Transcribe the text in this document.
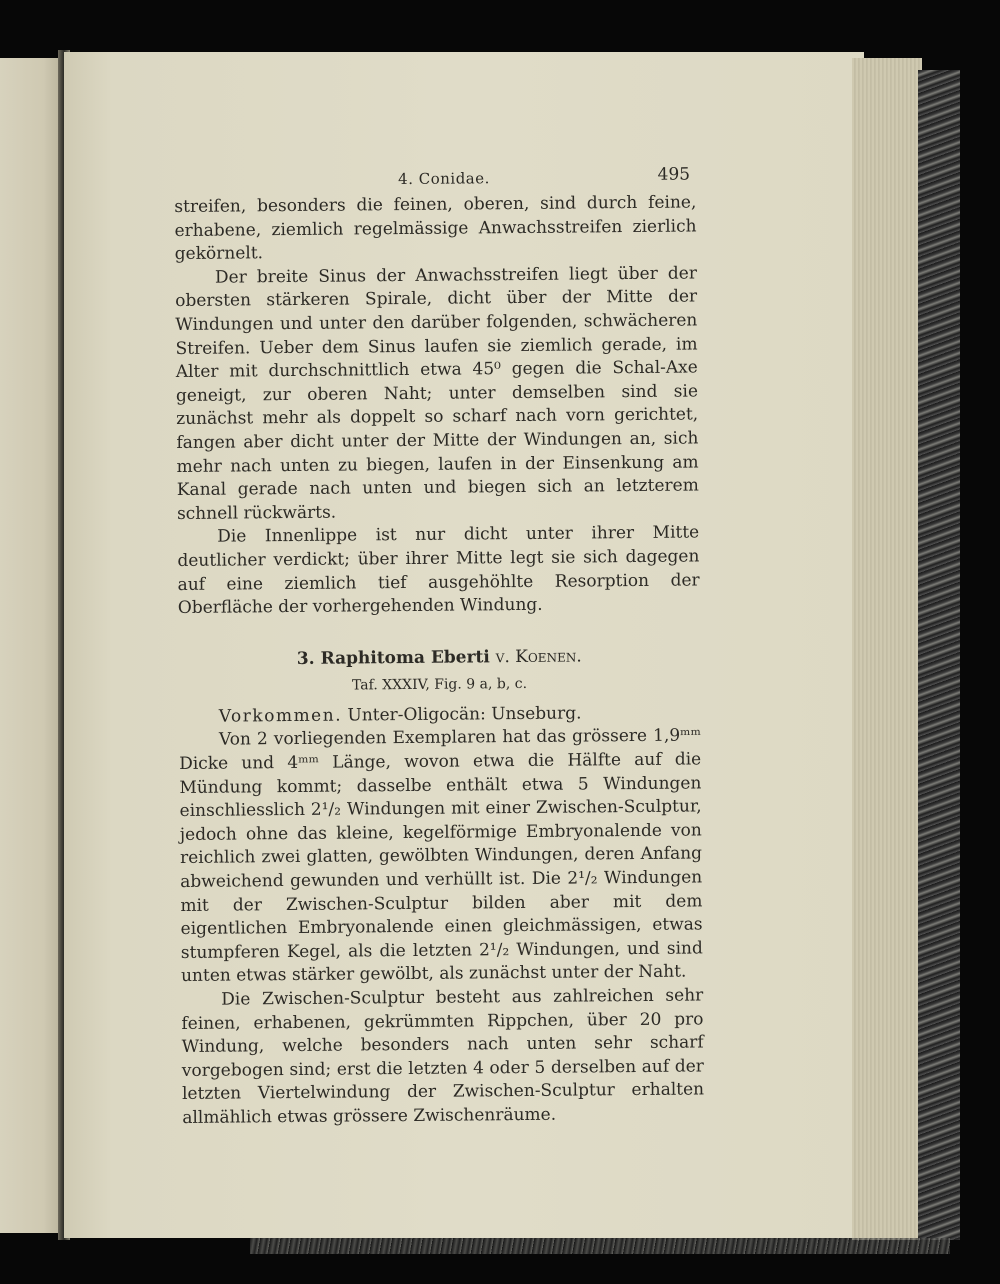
4. Conidae.	495

streifen, besonders die feinen, oberen, sind durch feine, erhabene, ziemlich regelmässige Anwachsstreifen zierlich gekörnelt.

Der breite Sinus der Anwachsstreifen liegt über der obersten stärkeren Spirale, dicht über der Mitte der Windungen und unter den darüber folgenden, schwächeren Streifen. Ueber dem Sinus laufen sie ziemlich gerade, im Alter mit durchschnittlich etwa 45⁰ gegen die Schal-Axe geneigt, zur oberen Naht; unter demselben sind sie zunächst mehr als doppelt so scharf nach vorn gerichtet, fangen aber dicht unter der Mitte der Windungen an, sich mehr nach unten zu biegen, laufen in der Einsenkung am Kanal gerade nach unten und biegen sich an letzterem schnell rückwärts.

Die Innenlippe ist nur dicht unter ihrer Mitte deutlicher verdickt; über ihrer Mitte legt sie sich dagegen auf eine ziemlich tief ausgehöhlte Resorption der Oberfläche der vorhergehenden Windung.

3. Raphitoma Eberti v. Koenen.
Taf. XXXIV, Fig. 9 a, b, c.

Vorkommen. Unter-Oligocän: Unseburg.

Von 2 vorliegenden Exemplaren hat das grössere 1,9ᵐᵐ Dicke und 4ᵐᵐ Länge, wovon etwa die Hälfte auf die Mündung kommt; dasselbe enthält etwa 5 Windungen einschliesslich 2¹/₂ Windungen mit einer Zwischen-Sculptur, jedoch ohne das kleine, kegelförmige Embryonalende von reichlich zwei glatten, gewölbten Windungen, deren Anfang abweichend gewunden und verhüllt ist. Die 2¹/₂ Windungen mit der Zwischen-Sculptur bilden aber mit dem eigentlichen Embryonalende einen gleichmässigen, etwas stumpferen Kegel, als die letzten 2¹/₂ Windungen, und sind unten etwas stärker gewölbt, als zunächst unter der Naht.

Die Zwischen-Sculptur besteht aus zahlreichen sehr feinen, erhabenen, gekrümmten Rippchen, über 20 pro Windung, welche besonders nach unten sehr scharf vorgebogen sind; erst die letzten 4 oder 5 derselben auf der letzten Viertelwindung der Zwischen-Sculptur erhalten allmählich etwas grössere Zwischenräume.
